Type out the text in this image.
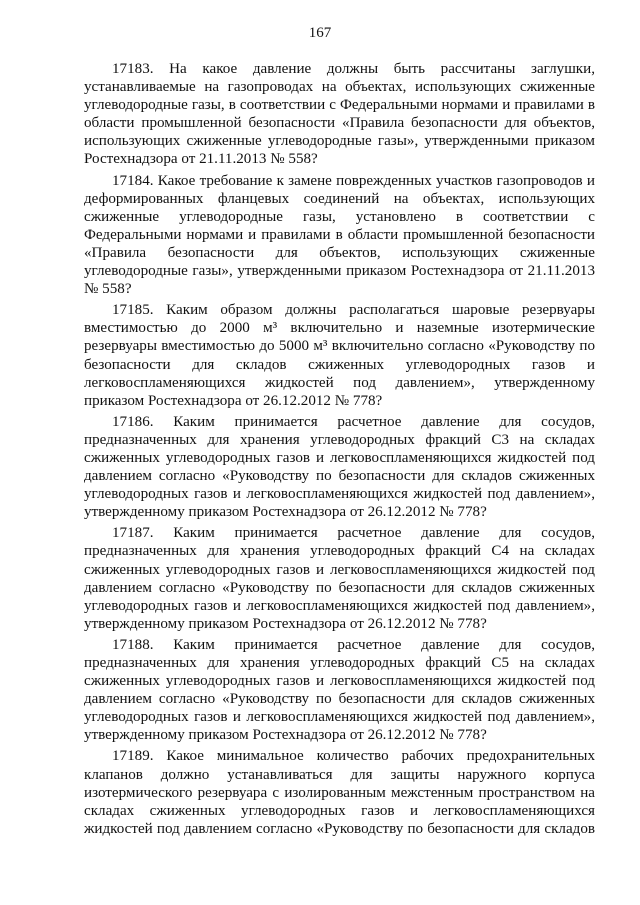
167

17183. На какое давление должны быть рассчитаны заглушки, устанавливаемые на газопроводах на объектах, использующих сжиженные углеводородные газы, в соответствии с Федеральными нормами и правилами в области промышленной безопасности «Правила безопасности для объектов, использующих сжиженные углеводородные газы», утвержденными приказом Ростехнадзора от 21.11.2013 № 558?

17184. Какое требование к замене поврежденных участков газопроводов и деформированных фланцевых соединений на объектах, использующих сжиженные углеводородные газы, установлено в соответствии с Федеральными нормами и правилами в области промышленной безопасности «Правила безопасности для объектов, использующих сжиженные углеводородные газы», утвержденными приказом Ростехнадзора от 21.11.2013 № 558?

17185. Каким образом должны располагаться шаровые резервуары вместимостью до 2000 м³ включительно и наземные изотермические резервуары вместимостью до 5000 м³ включительно согласно «Руководству по безопасности для складов сжиженных углеводородных газов и легковоспламеняющихся жидкостей под давлением», утвержденному приказом Ростехнадзора от 26.12.2012 № 778?

17186. Каким принимается расчетное давление для сосудов, предназначенных для хранения углеводородных фракций С3 на складах сжиженных углеводородных газов и легковоспламеняющихся жидкостей под давлением согласно «Руководству по безопасности для складов сжиженных углеводородных газов и легковоспламеняющихся жидкостей под давлением», утвержденному приказом Ростехнадзора от 26.12.2012 № 778?

17187. Каким принимается расчетное давление для сосудов, предназначенных для хранения углеводородных фракций С4 на складах сжиженных углеводородных газов и легковоспламеняющихся жидкостей под давлением согласно «Руководству по безопасности для складов сжиженных углеводородных газов и легковоспламеняющихся жидкостей под давлением», утвержденному приказом Ростехнадзора от 26.12.2012 № 778?

17188. Каким принимается расчетное давление для сосудов, предназначенных для хранения углеводородных фракций С5 на складах сжиженных углеводородных газов и легковоспламеняющихся жидкостей под давлением согласно «Руководству по безопасности для складов сжиженных углеводородных газов и легковоспламеняющихся жидкостей под давлением», утвержденному приказом Ростехнадзора от 26.12.2012 № 778?

17189. Какое минимальное количество рабочих предохранительных клапанов должно устанавливаться для защиты наружного корпуса изотермического резервуара с изолированным межстенным пространством на складах сжиженных углеводородных газов и легковоспламеняющихся жидкостей под давлением согласно «Руководству по безопасности для складов
